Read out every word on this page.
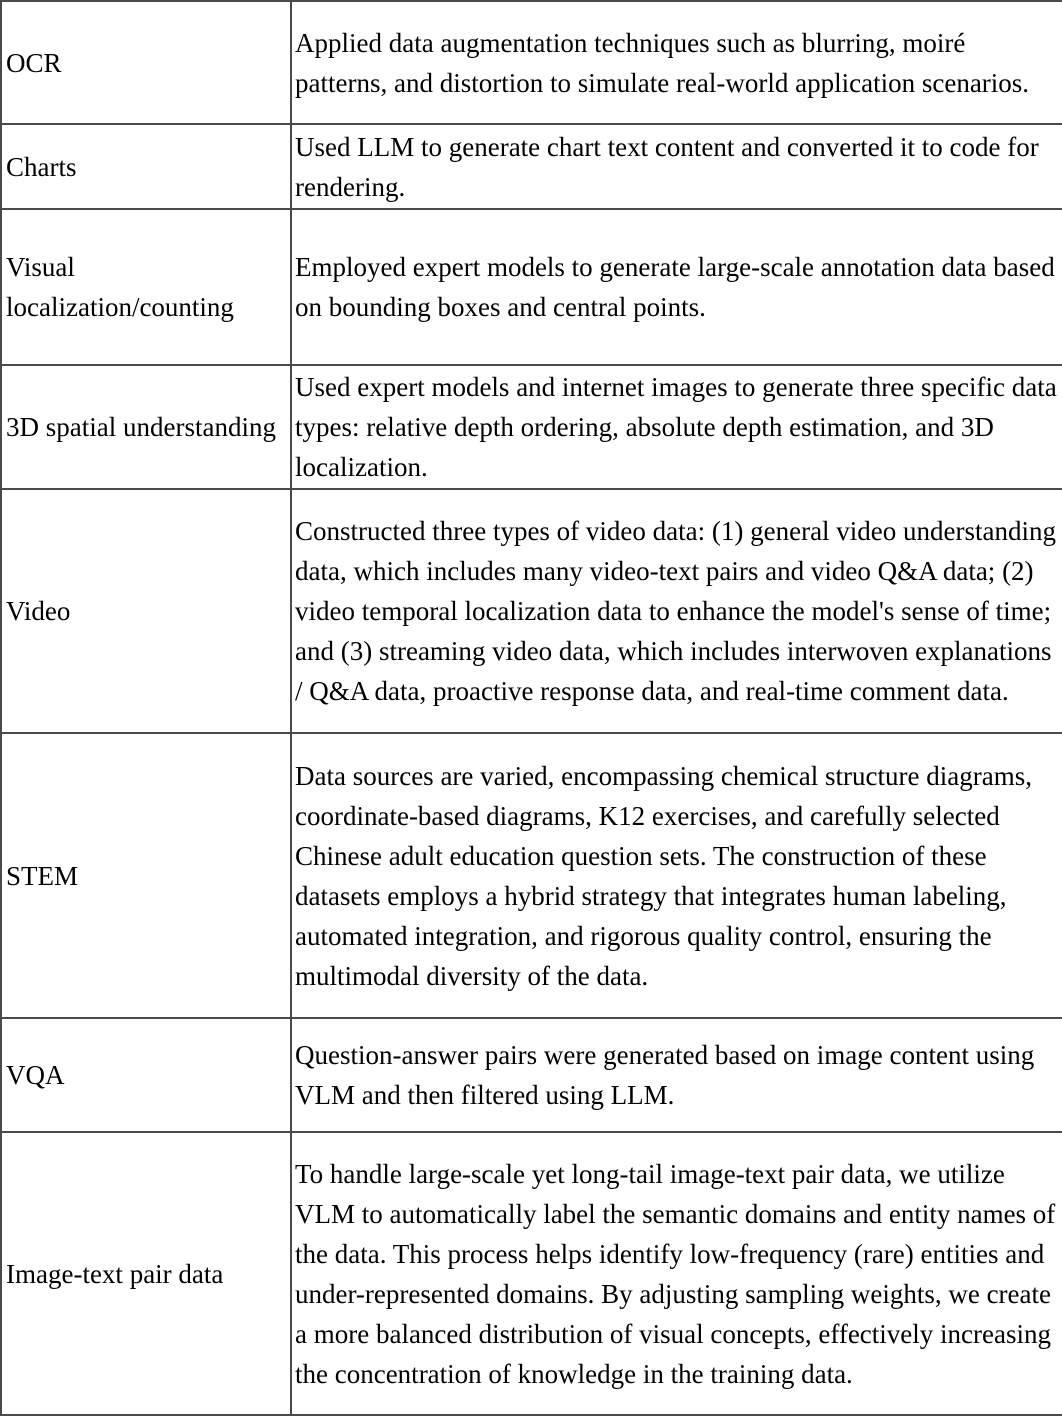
OCR	Applied data augmentation techniques such as blurring, moiré patterns, and distortion to simulate real-world application scenarios.
Charts	Used LLM to generate chart text content and converted it to code for rendering.
Visual localization/counting	Employed expert models to generate large-scale annotation data based on bounding boxes and central points.
3D spatial understanding	Used expert models and internet images to generate three specific data types: relative depth ordering, absolute depth estimation, and 3D localization.
Video	Constructed three types of video data: (1) general video understanding data, which includes many video-text pairs and video Q&A data; (2) video temporal localization data to enhance the model's sense of time; and (3) streaming video data, which includes interwoven explanations / Q&A data, proactive response data, and real-time comment data.
STEM	Data sources are varied, encompassing chemical structure diagrams, coordinate-based diagrams, K12 exercises, and carefully selected Chinese adult education question sets. The construction of these datasets employs a hybrid strategy that integrates human labeling, automated integration, and rigorous quality control, ensuring the multimodal diversity of the data.
VQA	Question-answer pairs were generated based on image content using VLM and then filtered using LLM.
Image-text pair data	To handle large-scale yet long-tail image-text pair data, we utilize VLM to automatically label the semantic domains and entity names of the data. This process helps identify low-frequency (rare) entities and under-represented domains. By adjusting sampling weights, we create a more balanced distribution of visual concepts, effectively increasing the concentration of knowledge in the training data.
